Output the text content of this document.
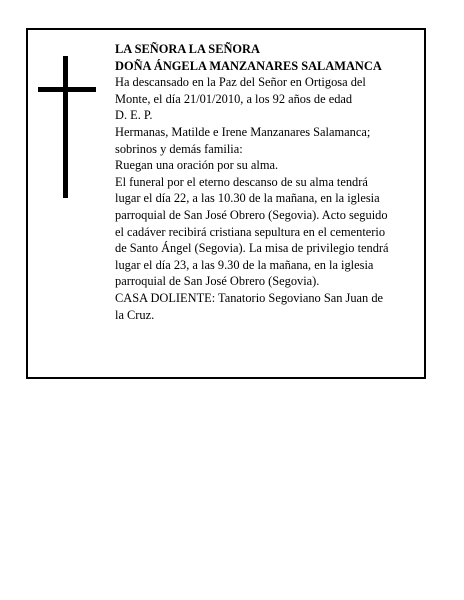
LA SEÑORA LA SEÑORA
DOÑA ÁNGELA MANZANARES SALAMANCA
Ha descansado en la Paz del Señor en Ortigosa del
Monte, el día 21/01/2010, a los 92 años de edad
D. E. P.
Hermanas, Matilde e Irene Manzanares Salamanca;
sobrinos y demás familia:
Ruegan una oración por su alma.
El funeral por el eterno descanso de su alma tendrá
lugar el día 22, a las 10.30 de la mañana, en la iglesia
parroquial de San José Obrero (Segovia). Acto seguido
el cadáver recibirá cristiana sepultura en el cementerio
de Santo Ángel (Segovia). La misa de privilegio tendrá
lugar el día 23, a las 9.30 de la mañana, en la iglesia
parroquial de San José Obrero (Segovia).
CASA DOLIENTE: Tanatorio Segoviano San Juan de
la Cruz.
